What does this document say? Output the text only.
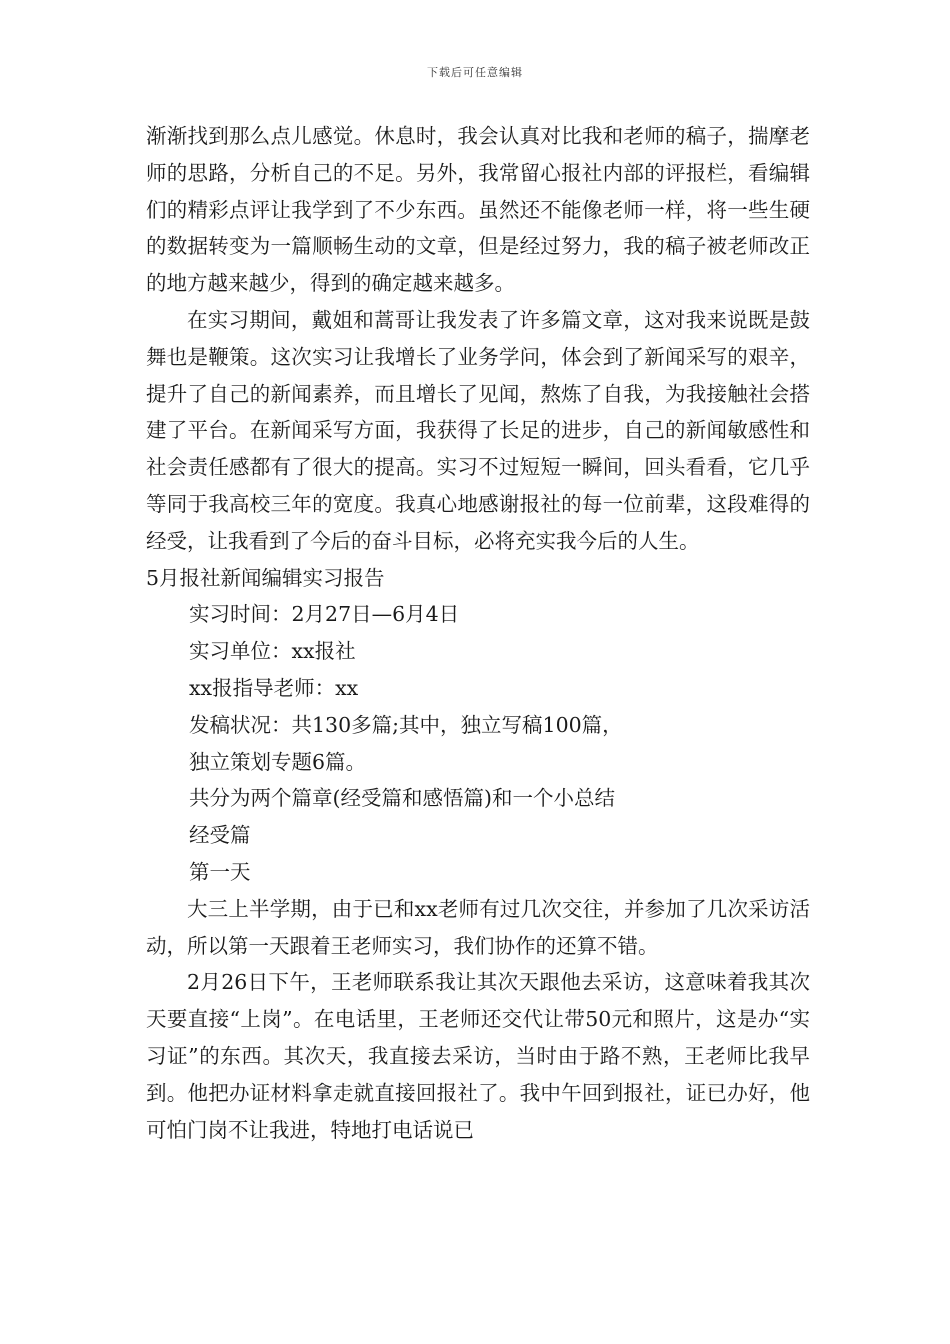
下载后可任意编辑

渐渐找到那么点儿感觉。休息时，我会认真对比我和老师的稿子，揣摩老师的思路，分析自己的不足。另外，我常留心报社内部的评报栏，看编辑们的精彩点评让我学到了不少东西。虽然还不能像老师一样，将一些生硬的数据转变为一篇顺畅生动的文章，但是经过努力，我的稿子被老师改正的地方越来越少，得到的确定越来越多。

在实习期间，戴姐和蒿哥让我发表了许多篇文章，这对我来说既是鼓舞也是鞭策。这次实习让我增长了业务学问，体会到了新闻采写的艰辛，提升了自己的新闻素养，而且增长了见闻，熬炼了自我，为我接触社会搭建了平台。在新闻采写方面，我获得了长足的进步，自己的新闻敏感性和社会责任感都有了很大的提高。实习不过短短一瞬间，回头看看，它几乎等同于我高校三年的宽度。我真心地感谢报社的每一位前辈，这段难得的经受，让我看到了今后的奋斗目标，必将充实我今后的人生。

5月报社新闻编辑实习报告

实习时间：2月27日—6月4日

实习单位：xx报社

xx报指导老师：xx

发稿状况：共130多篇;其中，独立写稿100篇，

独立策划专题6篇。

共分为两个篇章(经受篇和感悟篇)和一个小总结

经受篇

第一天

大三上半学期，由于已和xx老师有过几次交往，并参加了几次采访活动，所以第一天跟着王老师实习，我们协作的还算不错。

2月26日下午，王老师联系我让其次天跟他去采访，这意味着我其次天要直接“上岗”。在电话里，王老师还交代让带50元和照片，这是办“实习证”的东西。其次天，我直接去采访，当时由于路不熟，王老师比我早到。他把办证材料拿走就直接回报社了。我中午回到报社，证已办好，他可怕门岗不让我进，特地打电话说已
